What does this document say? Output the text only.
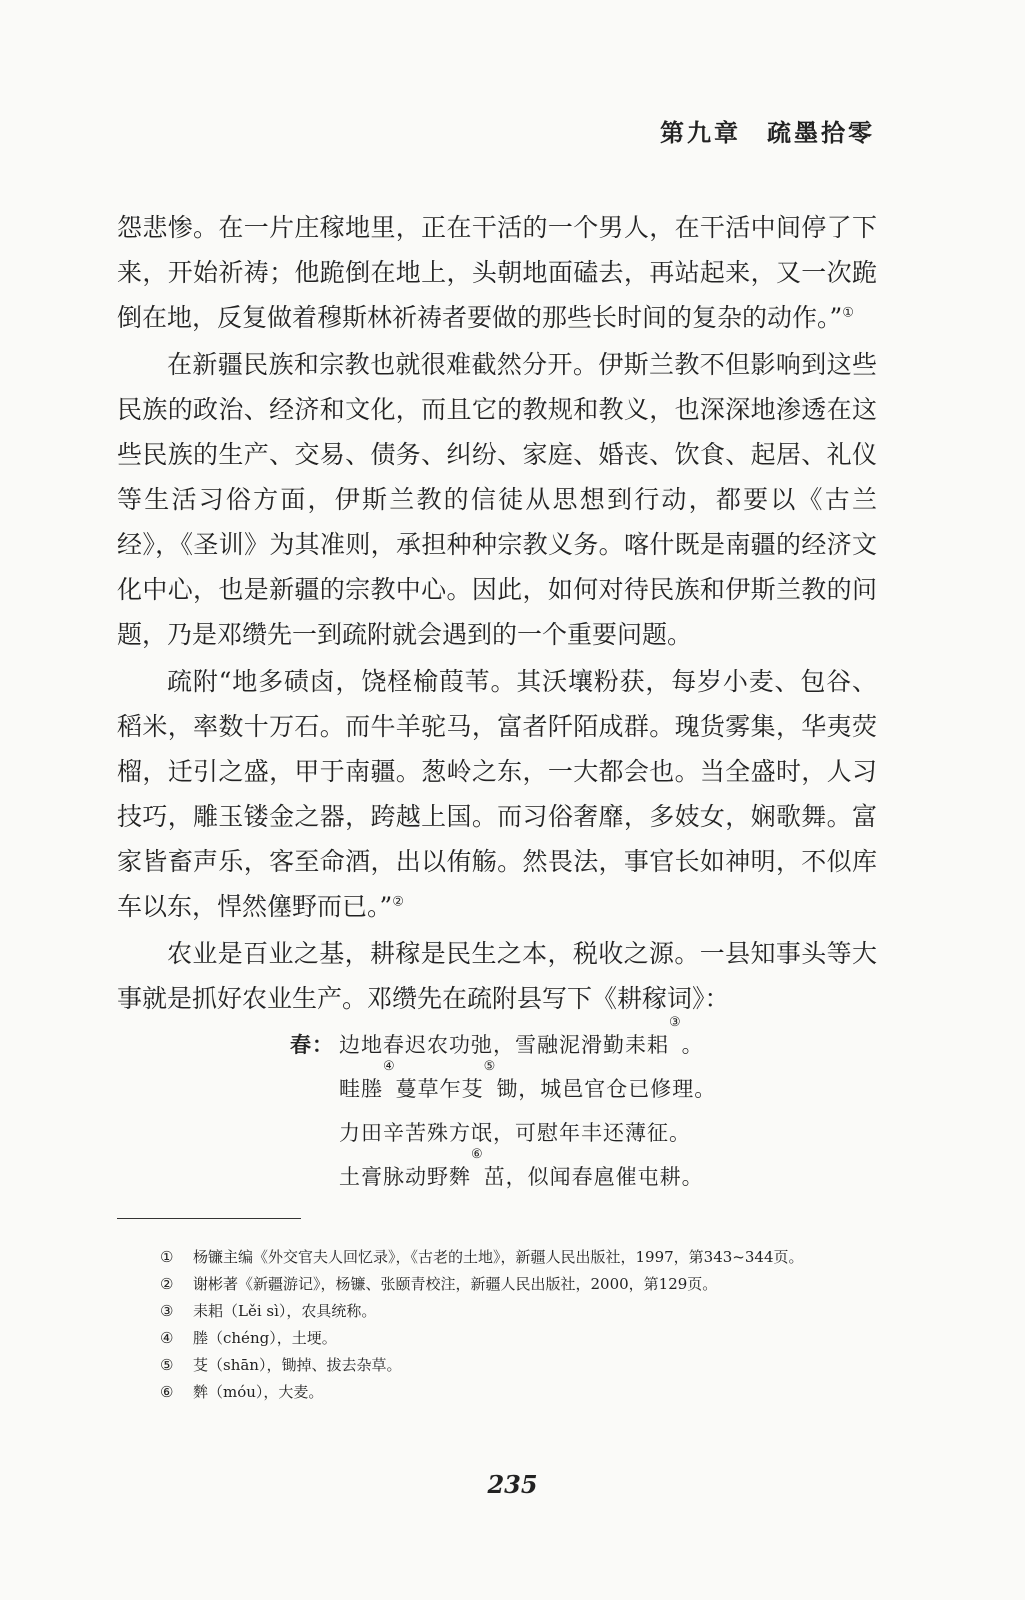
第九章 疏墨拾零

怨悲惨。在一片庄稼地里，正在干活的一个男人，在干活中间停了下来，开始祈祷；他跪倒在地上，头朝地面磕去，再站起来，又一次跪倒在地，反复做着穆斯林祈祷者要做的那些长时间的复杂的动作。”①

在新疆民族和宗教也就很难截然分开。伊斯兰教不但影响到这些民族的政治、经济和文化，而且它的教规和教义，也深深地渗透在这些民族的生产、交易、债务、纠纷、家庭、婚丧、饮食、起居、礼仪等生活习俗方面，伊斯兰教的信徒从思想到行动，都要以《古兰经》，《圣训》为其准则，承担种种宗教义务。喀什既是南疆的经济文化中心，也是新疆的宗教中心。因此，如何对待民族和伊斯兰教的问题，乃是邓缵先一到疏附就会遇到的一个重要问题。

疏附“地多碛卤，饶柽榆葭苇。其沃壤粉获，每岁小麦、包谷、稻米，率数十万石。而牛羊驼马，富者阡陌成群。瑰货雾集，华夷荧榴，迁引之盛，甲于南疆。葱岭之东，一大都会也。当全盛时，人习技巧，雕玉镂金之器，跨越上国。而习俗奢靡，多妓女，娴歌舞。富家皆畜声乐，客至命酒，出以侑觞。然畏法，事官长如神明，不似库车以东，悍然僿野而已。”②

农业是百业之基，耕稼是民生之本，税收之源。一县知事头等大事就是抓好农业生产。邓缵先在疏附县写下《耕稼词》：

春： 边地春迟农功弛，雪融泥滑勤耒耜
③
。
畦塍
④
蔓草乍芟
⑤
锄，城邑官仓已修理。
力田辛苦殊方氓，可慰年丰还薄征。
土膏脉动野麰
⑥
茁，似闻春扈催屯耕。
①	杨镰主编《外交官夫人回忆录》，《古老的土地》，新疆人民出版社，1997，第343~344页。
②	谢彬著《新疆游记》，杨镰、张颐青校注，新疆人民出版社，2000，第129页。
③	耒耜（Lěi sì），农具统称。
④	塍（chéng），土埂。
⑤	芟（shān），锄掉、拔去杂草。
⑥	麰（móu），大麦。
235
